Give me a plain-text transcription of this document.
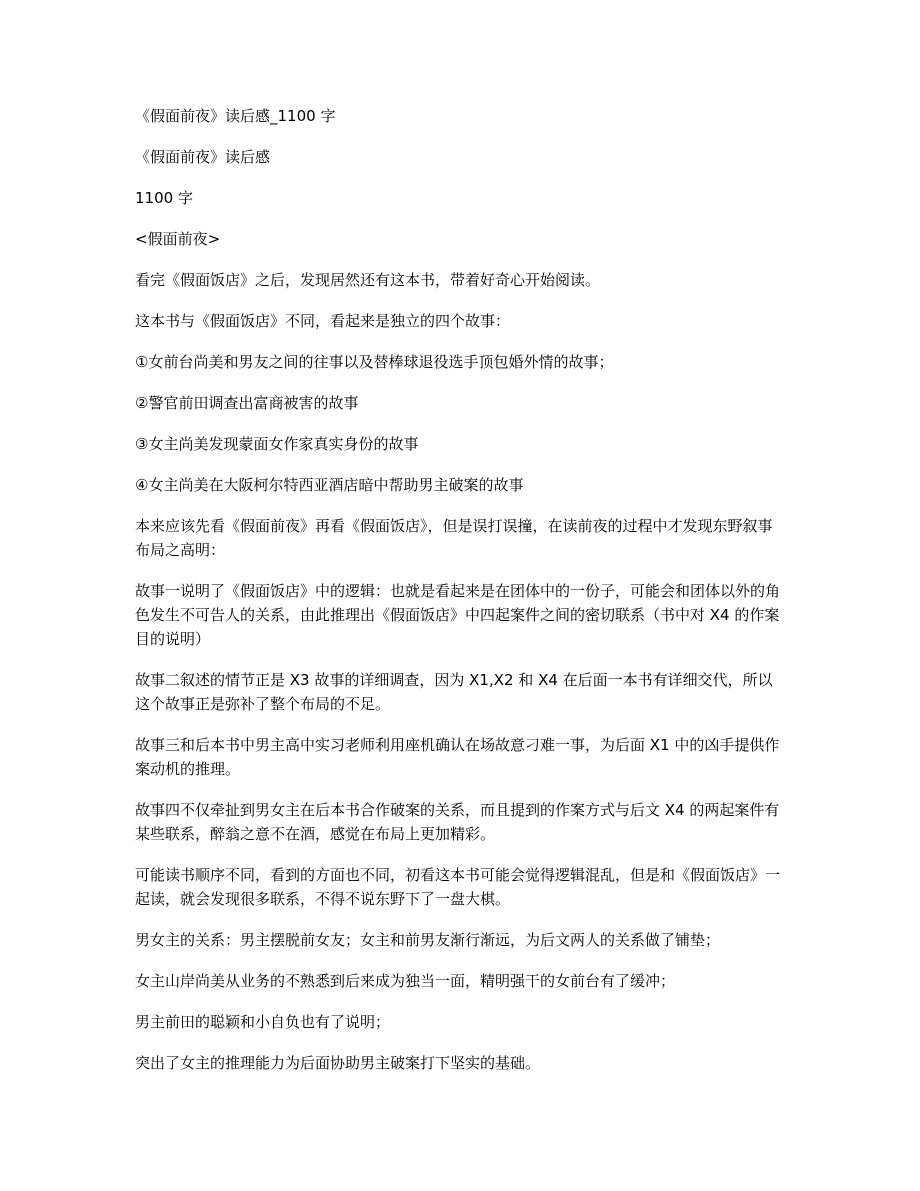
《假面前夜》读后感_1100 字

《假面前夜》读后感

1100 字

<假面前夜>

看完《假面饭店》之后，发现居然还有这本书，带着好奇心开始阅读。

这本书与《假面饭店》不同，看起来是独立的四个故事：

①女前台尚美和男友之间的往事以及替棒球退役选手顶包婚外情的故事；

②警官前田调查出富商被害的故事

③女主尚美发现蒙面女作家真实身份的故事

④女主尚美在大阪柯尔特西亚酒店暗中帮助男主破案的故事

本来应该先看《假面前夜》再看《假面饭店》，但是误打误撞，在读前夜的过程中才发现东野叙事布局之高明：

故事一说明了《假面饭店》中的逻辑：也就是看起来是在团体中的一份子，可能会和团体以外的角色发生不可告人的关系，由此推理出《假面饭店》中四起案件之间的密切联系（书中对 X4 的作案目的说明）

故事二叙述的情节正是 X3 故事的详细调查，因为 X1,X2 和 X4 在后面一本书有详细交代，所以这个故事正是弥补了整个布局的不足。

故事三和后本书中男主高中实习老师利用座机确认在场故意刁难一事，为后面 X1 中的凶手提供作案动机的推理。

故事四不仅牵扯到男女主在后本书合作破案的关系，而且提到的作案方式与后文 X4 的两起案件有某些联系，醉翁之意不在酒，感觉在布局上更加精彩。

可能读书顺序不同，看到的方面也不同，初看这本书可能会觉得逻辑混乱，但是和《假面饭店》一起读，就会发现很多联系，不得不说东野下了一盘大棋。

男女主的关系：男主摆脱前女友；女主和前男友渐行渐远，为后文两人的关系做了铺垫；

女主山岸尚美从业务的不熟悉到后来成为独当一面，精明强干的女前台有了缓冲；

男主前田的聪颖和小自负也有了说明；

突出了女主的推理能力为后面协助男主破案打下坚实的基础。
